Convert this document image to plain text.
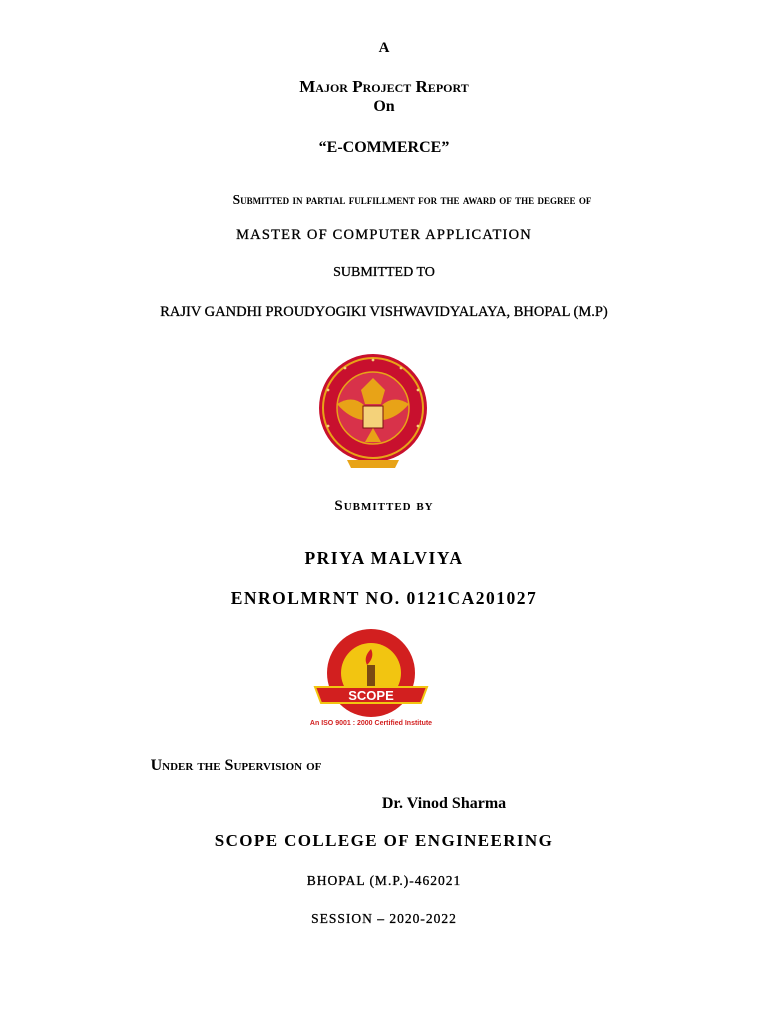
A
Major Project Report
On
“E-COMMERCE”
Submitted in partial fulfillment for the award of the degree of
MASTER OF COMPUTER APPLICATION
SUBMITTED TO
RAJIV GANDHI PROUDYOGIKI VISHWAVIDYALAYA, BHOPAL (M.P)
Submitted by
PRIYA MALVIYA
ENROLMRNT NO. 0121CA201027
SCOPE
An ISO 9001 : 2000 Certified Institute
Under the Supervision of
Dr. Vinod Sharma
SCOPE COLLEGE OF ENGINEERING
BHOPAL (M.P.)-462021
SESSION – 2020-2022
